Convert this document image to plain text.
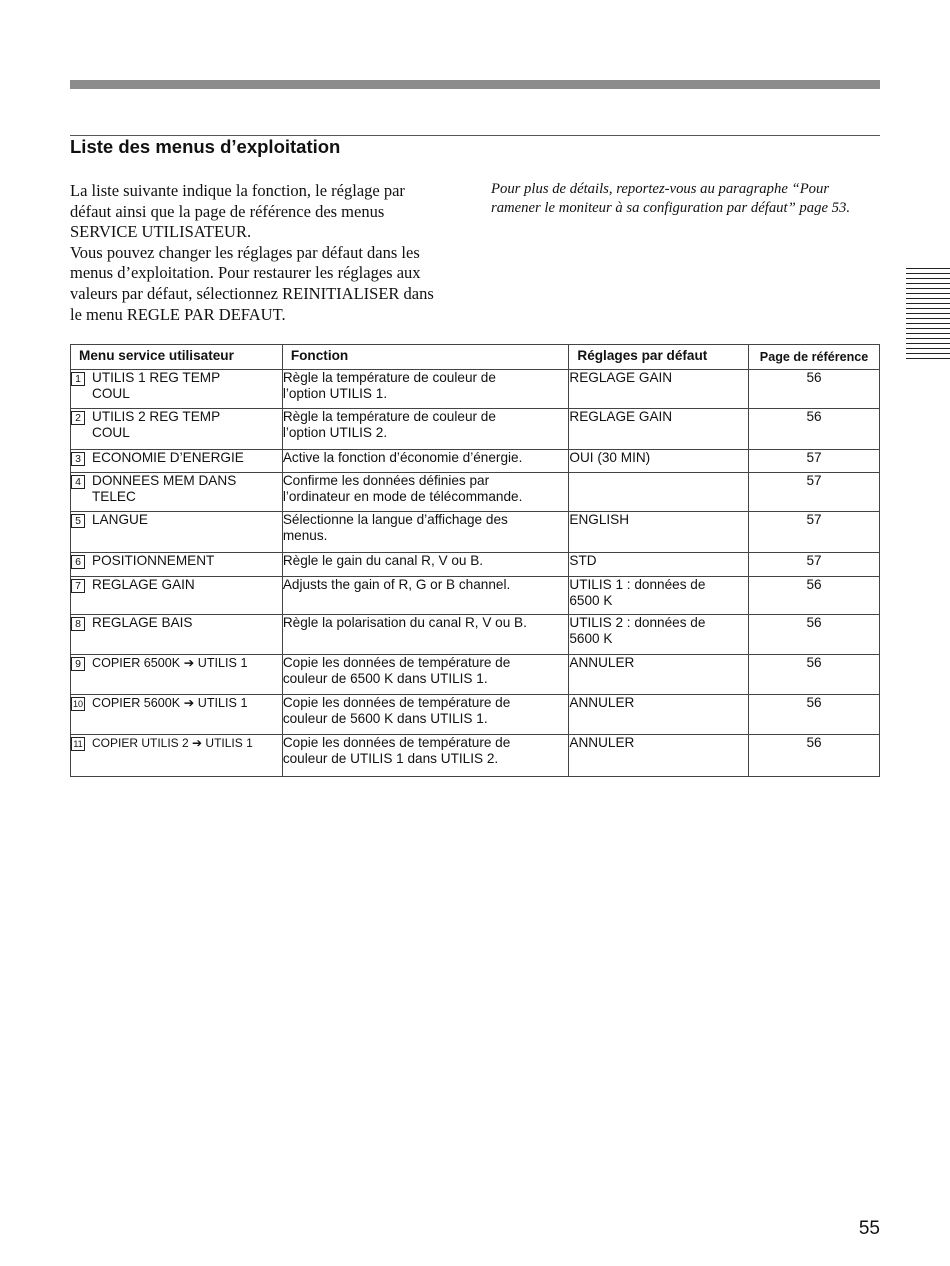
Liste des menus d’exploitation

La liste suivante indique la fonction, le réglage par
défaut ainsi que la page de référence des menus
SERVICE UTILISATEUR.
Vous pouvez changer les réglages par défaut dans les
menus d’exploitation. Pour restaurer les réglages aux
valeurs par défaut, sélectionnez REINITIALISER dans
le menu REGLE PAR DEFAUT.

Pour plus de détails, reportez-vous au paragraphe “Pour
ramener le moniteur à sa configuration par défaut” page 53.

Menu service utilisateur	Fonction	Réglages par défaut	Page de référence

1 UTILIS 1 REG TEMP
COUL	Règle la température de couleur de
l’option UTILIS 1.	REGLAGE GAIN	56

2 UTILIS 2 REG TEMP
COUL	Règle la température de couleur de
l’option UTILIS 2.	REGLAGE GAIN	56

3 ECONOMIE D’ENERGIE	Active la fonction d’économie d’énergie.	OUI (30 MIN)	57

4 DONNEES MEM DANS
TELEC	Confirme les données définies par
l’ordinateur en mode de télécommande.		57

5 LANGUE	Sélectionne la langue d’affichage des
menus.	ENGLISH	57

6 POSITIONNEMENT	Règle le gain du canal R, V ou B.	STD	57

7 REGLAGE GAIN	Adjusts the gain of R, G or B channel.	UTILIS 1 : données de
6500 K	56

8 REGLAGE BAIS	Règle la polarisation du canal R, V ou B.	UTILIS 2 : données de
5600 K	56

9 COPIER 6500K ➔ UTILIS 1	Copie les données de température de
couleur de 6500 K dans UTILIS 1.	ANNULER	56

10 COPIER 5600K ➔ UTILIS 1	Copie les données de température de
couleur de 5600 K dans UTILIS 1.	ANNULER	56

11 COPIER UTILIS 2 ➔ UTILIS 1	Copie les données de température de
couleur de UTILIS 1 dans UTILIS 2.	ANNULER	56
55
